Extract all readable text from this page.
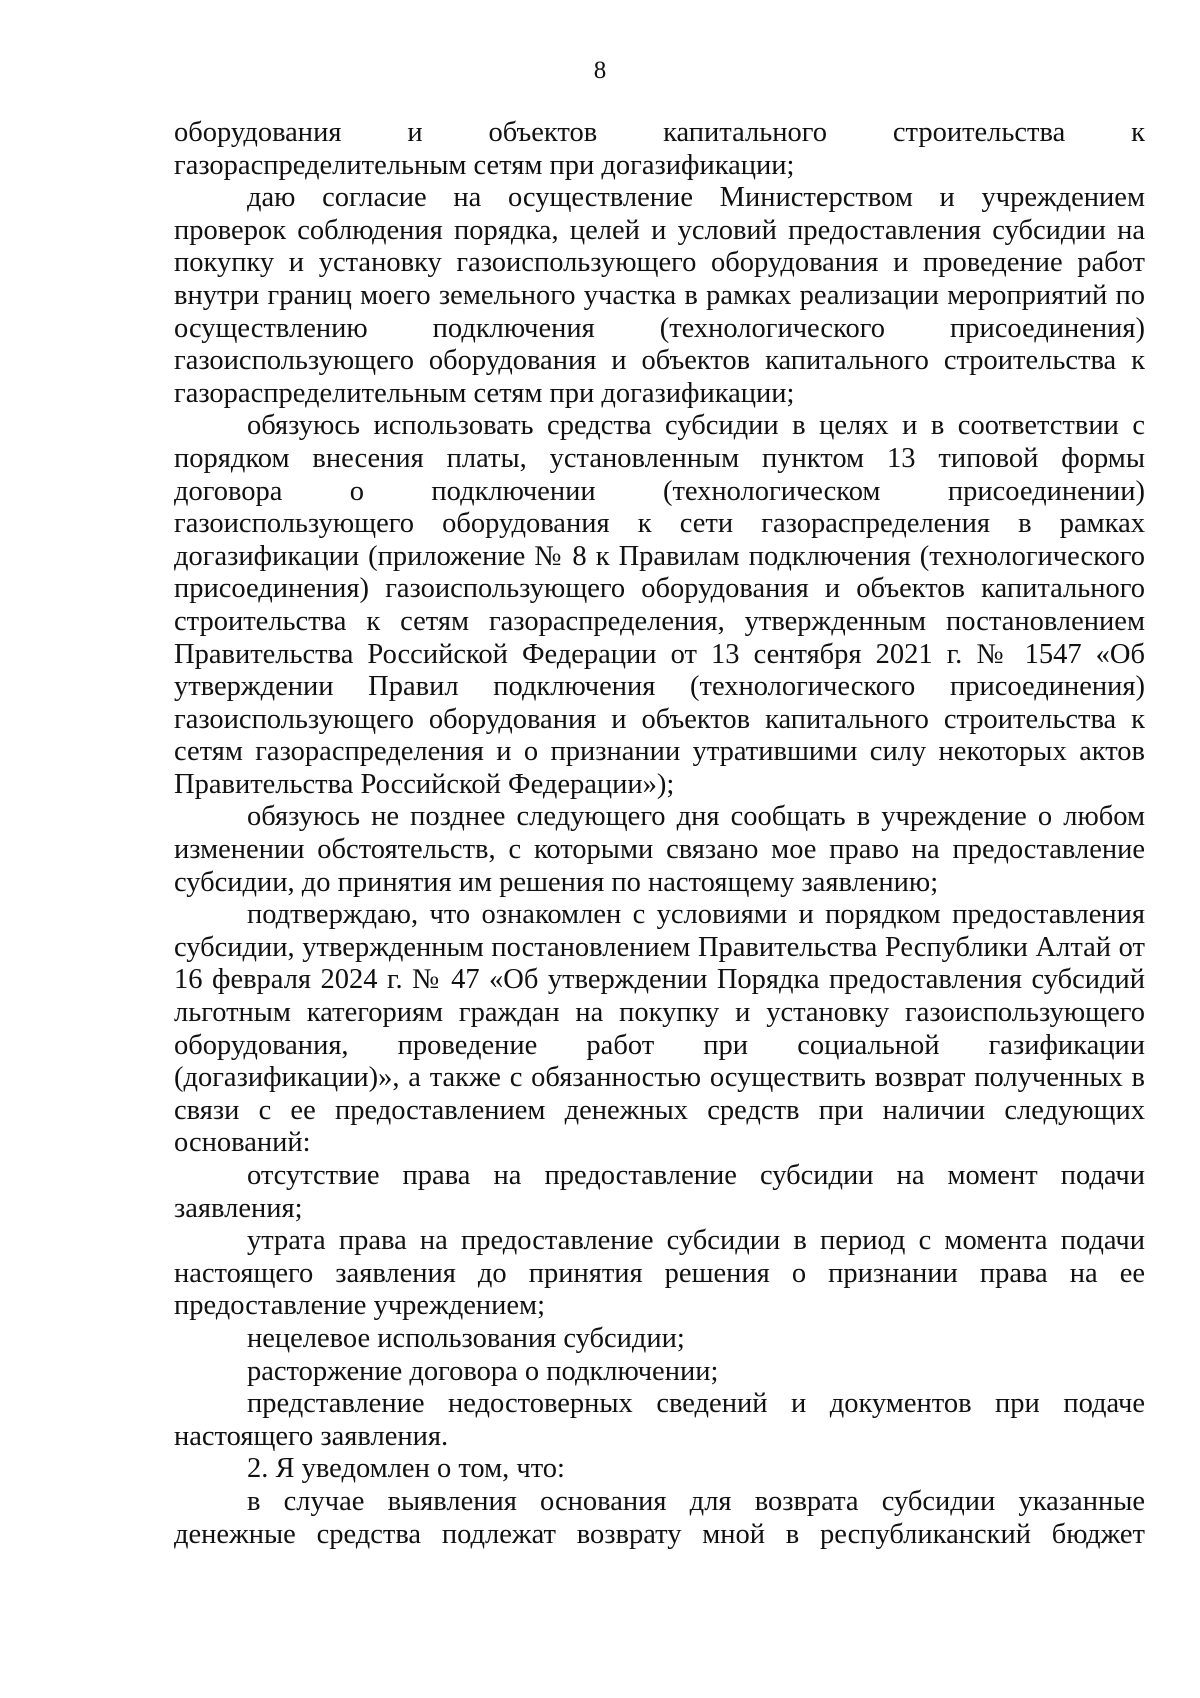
8

оборудования и объектов капитального строительства к газораспределительным сетям при догазификации;

даю согласие на осуществление Министерством и учреждением проверок соблюдения порядка, целей и условий предоставления субсидии на покупку и установку газоиспользующего оборудования и проведение работ внутри границ моего земельного участка в рамках реализации мероприятий по осуществлению подключения (технологического присоединения) газоиспользующего оборудования и объектов капитального строительства к газораспределительным сетям при догазификации;

обязуюсь использовать средства субсидии в целях и в соответствии с порядком внесения платы, установленным пунктом 13 типовой формы договора о подключении (технологическом присоединении) газоиспользующего оборудования к сети газораспределения в рамках догазификации (приложение № 8 к Правилам подключения (технологического присоединения) газоиспользующего оборудования и объектов капитального строительства к сетям газораспределения, утвержденным постановлением Правительства Российской Федерации от 13 сентября 2021 г. № 1547 «Об утверждении Правил подключения (технологического присоединения) газоиспользующего оборудования и объектов капитального строительства к сетям газораспределения и о признании утратившими силу некоторых актов Правительства Российской Федерации»);

обязуюсь не позднее следующего дня сообщать в учреждение о любом изменении обстоятельств, с которыми связано мое право на предоставление субсидии, до принятия им решения по настоящему заявлению;

подтверждаю, что ознакомлен с условиями и порядком предоставления субсидии, утвержденным постановлением Правительства Республики Алтай от 16 февраля 2024 г. № 47 «Об утверждении Порядка предоставления субсидий льготным категориям граждан на покупку и установку газоиспользующего оборудования, проведение работ при социальной газификации (догазификации)», а также с обязанностью осуществить возврат полученных в связи с ее предоставлением денежных средств при наличии следующих оснований:

отсутствие права на предоставление субсидии на момент подачи заявления;

утрата права на предоставление субсидии в период с момента подачи настоящего заявления до принятия решения о признании права на ее предоставление учреждением;

нецелевое использования субсидии;

расторжение договора о подключении;

представление недостоверных сведений и документов при подаче настоящего заявления.

2. Я уведомлен о том, что:

в случае выявления основания для возврата субсидии указанные денежные средства подлежат возврату мной в республиканский бюджет
